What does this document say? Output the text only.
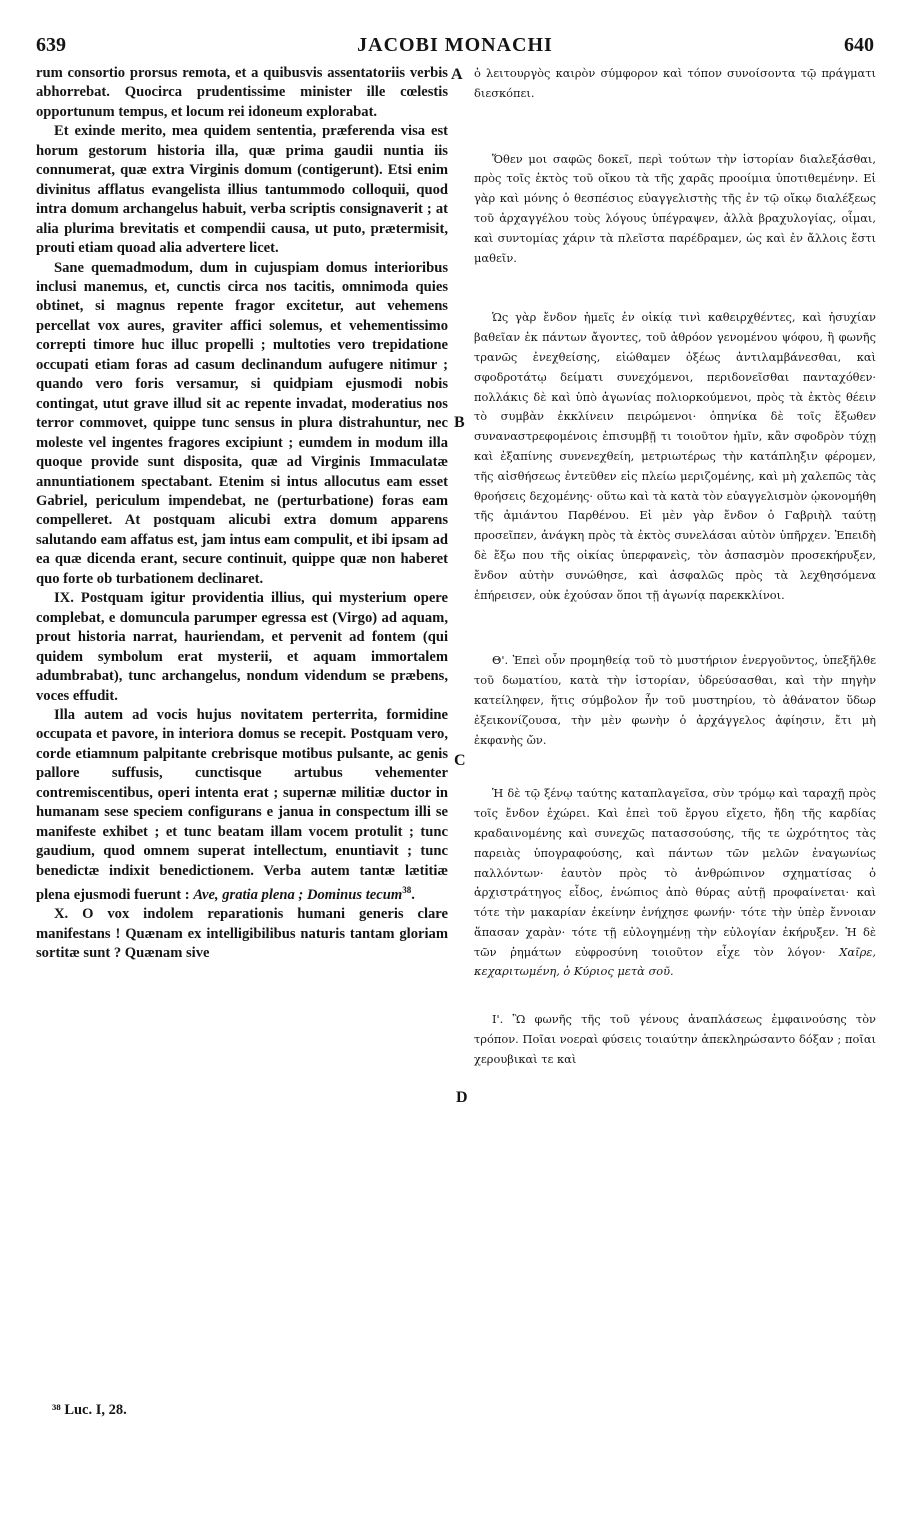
639	JACOBI MONACHI	640

rum consortio prorsus remota, et a quibusvis assentatoriis verbis abhorrebat. Quocirca prudentissime minister ille cœlestis opportunum tempus, et locum rei idoneum explorabat.

Et exinde merito, mea quidem sententia, præferenda visa est horum gestorum historia illa, quæ prima gaudii nuntia iis connumerat, quæ extra Virginis domum (contigerunt). Etsi enim divinitus afflatus evangelista illius tantummodo colloquii, quod intra domum archangelus habuit, verba scriptis consignaverit ; at alia plurima brevitatis et compendii causa, ut puto, prætermisit, prouti etiam quoad alia advertere licet.

Sane quemadmodum, dum in cujuspiam domus interioribus inclusi manemus, et, cunctis circa nos tacitis, omnimoda quies obtinet, si magnus repente fragor excitetur, aut vehemens percellat vox aures, graviter affici solemus, et vehementissimo correpti timore huc illuc propelli ; multoties vero trepidatione occupati etiam foras ad casum declinandum aufugere nitimur ; quando vero foris versamur, si quidpiam ejusmodi nobis contingat, utut grave illud sit ac repente invadat, moderatius nos terror commovet, quippe tunc sensus in plura distrahuntur, nec moleste vel ingentes fragores excipiunt ; eumdem in modum illa quoque provide sunt disposita, quæ ad Virginis Immaculatæ annuntiationem spectabant. Etenim si intus allocutus eam esset Gabriel, periculum impendebat, ne (perturbatione) foras eam compelleret. At postquam alicubi extra domum apparens salutando eam affatus est, jam intus eam compulit, et ibi ipsam ad ea quæ dicenda erant, secure continuit, quippe quæ non haberet quo forte ob turbationem declinaret.

IX. Postquam igitur providentia illius, qui mysterium opere complebat, e domuncula parumper egressa est (Virgo) ad aquam, prout historia narrat, hauriendam, et pervenit ad fontem (qui quidem symbolum erat mysterii, et aquam immortalem adumbrabat), tunc archangelus, nondum videndum se præbens, voces effudit.

Illa autem ad vocis hujus novitatem perterrita, formidine occupata et pavore, in interiora domus se recepit. Postquam vero, corde etiamnum palpitante crebrisque motibus pulsante, ac genis pallore suffusis, cunctisque artubus vehementer contremiscentibus, operi intenta erat ; supernæ militiæ ductor in humanam sese speciem configurans e janua in conspectum illi se manifeste exhibet ; et tunc beatam illam vocem protulit ; tunc gaudium, quod omnem superat intellectum, enuntiavit ; tunc benedictæ indixit benedictionem. Verba autem tantæ lætitiæ plena ejusmodi fuerunt : Ave, gratia plena ; Dominus tecum$^{38}$.

X. O vox indolem reparationis humani generis clare manifestans ! Quænam ex intelligibilibus naturis tantam gloriam sortitæ sunt ? Quænam sive

A
B
C
D

ὁ λειτουργὸς καιρὸν σύμφορον καὶ τόπον συνοίσοντα τῷ πράγματι διεσκόπει.

Ὅθεν μοι σαφῶς δοκεῖ, περὶ τούτων τὴν ἱστορίαν διαλεξάσθαι, πρὸς τοῖς ἐκτὸς τοῦ οἴκου τὰ τῆς χαρᾶς προοίμια ὑποτιθεμένην. Εἰ γὰρ καὶ μόνης ὁ θεσπέσιος εὐαγγελιστὴς τῆς ἐν τῷ οἴκῳ διαλέξεως τοῦ ἀρχαγγέλου τοὺς λόγους ὑπέγραψεν, ἀλλὰ βραχυλογίας, οἶμαι, καὶ συντομίας χάριν τὰ πλεῖστα παρέδραμεν, ὡς καὶ ἐν ἄλλοις ἔστι μαθεῖν.

Ὡς γὰρ ἔνδον ἡμεῖς ἐν οἰκίᾳ τινὶ καθειρχθέντες, καὶ ἡσυχίαν βαθεῖαν ἐκ πάντων ἄγοντες, τοῦ ἀθρόον γενομένου ψόφου, ἢ φωνῆς τρανῶς ἐνεχθείσης, εἰώθαμεν ὀξέως ἀντιλαμβάνεσθαι, καὶ σφοδροτάτῳ δείματι συνεχόμενοι, περιδονεῖσθαι πανταχόθεν· πολλάκις δὲ καὶ ὑπὸ ἀγωνίας πολιορκούμενοι, πρὸς τὰ ἐκτὸς θέειν τὸ συμβὰν ἐκκλίνειν πειρώμενοι· ὁπηνίκα δὲ τοῖς ἔξωθεν συναναστρεφομένοις ἐπισυμβῇ τι τοιοῦτον ἡμῖν, κἂν σφοδρὸν τύχῃ καὶ ἐξαπίνης συνενεχθείη, μετριωτέρως τὴν κατάπληξιν φέρομεν, τῆς αἰσθήσεως ἐντεῦθεν εἰς πλείω μεριζομένης, καὶ μὴ χαλεπῶς τὰς θροήσεις δεχομένης· οὕτω καὶ τὰ κατὰ τὸν εὐαγγελισμὸν ᾠκονομήθη τῆς ἀμιάντου Παρθένου. Εἰ μὲν γὰρ ἔνδον ὁ Γαβριὴλ ταύτῃ προσεῖπεν, ἀνάγκη πρὸς τὰ ἐκτὸς συνελάσαι αὐτὸν ὑπῆρχεν. Ἐπειδὴ δὲ ἔξω που τῆς οἰκίας ὑπερφανεὶς, τὸν ἀσπασμὸν προσεκήρυξεν, ἔνδον αὐτὴν συνώθησε, καὶ ἀσφαλῶς πρὸς τὰ λεχθησόμενα ἐπήρεισεν, οὐκ ἐχούσαν ὅποι τῇ ἀγωνίᾳ παρεκκλίνοι.

Θ'. Ἐπεὶ οὖν προμηθείᾳ τοῦ τὸ μυστήριον ἐνεργοῦντος, ὑπεξῆλθε τοῦ δωματίου, κατὰ τὴν ἱστορίαν, ὑδρεύσασθαι, καὶ τὴν πηγὴν κατείληφεν, ἥτις σύμβολον ἦν τοῦ μυστηρίου, τὸ ἀθάνατον ὕδωρ ἐξεικονίζουσα, τὴν μὲν φωνὴν ὁ ἀρχάγγελος ἀφίησιν, ἔτι μὴ ἐκφανὴς ὤν.

Ἡ δὲ τῷ ξένῳ ταύτης καταπλαγεῖσα, σὺν τρόμῳ καὶ ταραχῇ πρὸς τοῖς ἔνδον ἐχώρει. Καὶ ἐπεὶ τοῦ ἔργου εἴχετο, ἤδη τῆς καρδίας κραδαινομένης καὶ συνεχῶς πατασσούσης, τῆς τε ὠχρότητος τὰς παρειὰς ὑπογραφούσης, καὶ πάντων τῶν μελῶν ἐναγωνίως παλλόντων· ἑαυτὸν πρὸς τὸ ἀνθρώπινον σχηματίσας ὁ ἀρχιστράτηγος εἶδος, ἐνώπιος ἀπὸ θύρας αὐτῇ προφαίνεται· καὶ τότε τὴν μακαρίαν ἐκείνην ἐνήχησε φωνήν· τότε τὴν ὑπὲρ ἔννοιαν ἅπασαν χαρὰν· τότε τῇ εὐλογημένῃ τὴν εὐλογίαν ἐκήρυξεν. Ἡ δὲ τῶν ῥημάτων εὐφροσύνη τοιοῦτον εἶχε τὸν λόγον· Χαῖρε, κεχαριτωμένη, ὁ Κύριος μετὰ σοῦ.

Ι'. Ὢ φωνῆς τῆς τοῦ γένους ἀναπλάσεως ἐμφαινούσης τὸν τρόπον. Ποῖαι νοεραὶ φύσεις τοιαύτην ἀπεκληρώσαντο δόξαν ; ποῖαι χερουβικαὶ τε καὶ

³⁸ Luc. I, 28.
